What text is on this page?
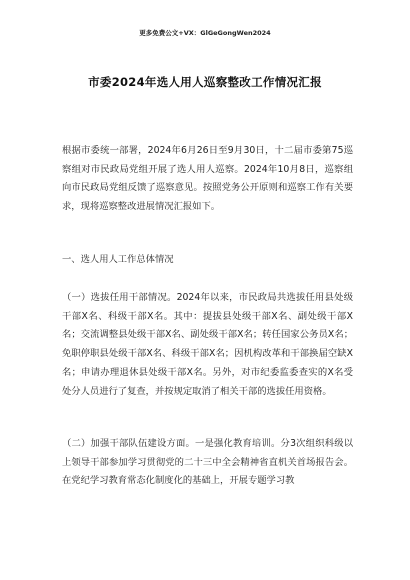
更多免费公文+VX：GlGeGongWen2024
市委2024年选人用人巡察整改工作情况汇报
根据市委统一部署，2024年6月26日至9月30日，十二届市委第75巡察组对市民政局党组开展了选人用人巡察。2024年10月8日，巡察组向市民政局党组反馈了巡察意见。按照党务公开原则和巡察工作有关要求，现将巡察整改进展情况汇报如下。
一、选人用人工作总体情况
（一）选拔任用干部情况。2024年以来，市民政局共选拔任用县处级干部X名、科级干部X名。其中：提拔县处级干部X名、副处级干部X名；交流调整县处级干部X名、副处级干部X名；转任国家公务员X名；免职停职县处级干部X名、科级干部X名；因机构改革和干部换届空缺X名；申请办理退休县处级干部X名。另外，对市纪委监委查实的X名受处分人员进行了复查，并按规定取消了相关干部的选拔任用资格。
（二）加强干部队伍建设方面。一是强化教育培训。分3次组织科级以上领导干部参加学习贯彻党的二十三中全会精神省直机关首场报告会。在党纪学习教育常态化制度化的基础上，开展专题学习教
